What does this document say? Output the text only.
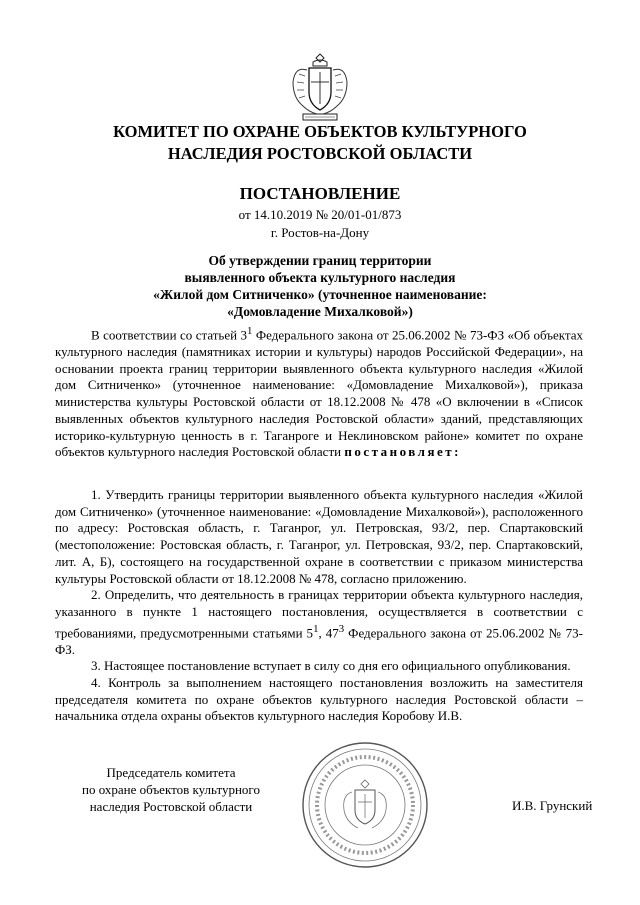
КОМИТЕТ ПО ОХРАНЕ ОБЪЕКТОВ КУЛЬТУРНОГО
НАСЛЕДИЯ РОСТОВСКОЙ ОБЛАСТИ
ПОСТАНОВЛЕНИЕ
от 14.10.2019 № 20/01-01/873
г. Ростов-на-Дону
Об утверждении границ территории
выявленного объекта культурного наследия
«Жилой дом Ситниченко» (уточненное наименование:
«Домовладение Михалковой»)

В соответствии со статьей $3^1$ Федерального закона от 25.06.2002 № 73-ФЗ «Об объектах культурного наследия (памятниках истории и культуры) народов Российской Федерации», на основании проекта границ территории выявленного объекта культурного наследия «Жилой дом Ситниченко» (уточненное наименование: «Домовладение Михалковой»), приказа министерства культуры Ростовской области от 18.12.2008 № 478 «О включении в «Список выявленных объектов культурного наследия Ростовской области» зданий, представляющих историко-культурную ценность в г. Таганроге и Неклиновском районе» комитет по охране объектов культурного наследия Ростовской области постановляет:

1. Утвердить границы территории выявленного объекта культурного наследия «Жилой дом Ситниченко» (уточненное наименование: «Домовладение Михалковой»), расположенного по адресу: Ростовская область, г. Таганрог, ул. Петровская, 93/2, пер. Спартаковский (местоположение: Ростовская область, г. Таганрог, ул. Петровская, 93/2, пер. Спартаковский, лит. А, Б), состоящего на государственной охране в соответствии с приказом министерства культуры Ростовской области от 18.12.2008 № 478, согласно приложению.

2. Определить, что деятельность в границах территории объекта культурного наследия, указанного в пункте 1 настоящего постановления, осуществляется в соответствии с требованиями, предусмотренными статьями $5^1$, $47^3$ Федерального закона от 25.06.2002 № 73-ФЗ.

3. Настоящее постановление вступает в силу со дня его официального опубликования.

4. Контроль за выполнением настоящего постановления возложить на заместителя председателя комитета по охране объектов культурного наследия Ростовской области – начальника отдела охраны объектов культурного наследия Коробову И.В.

Председатель комитета
по охране объектов культурного
наследия Ростовской области	И.В. Грунский
